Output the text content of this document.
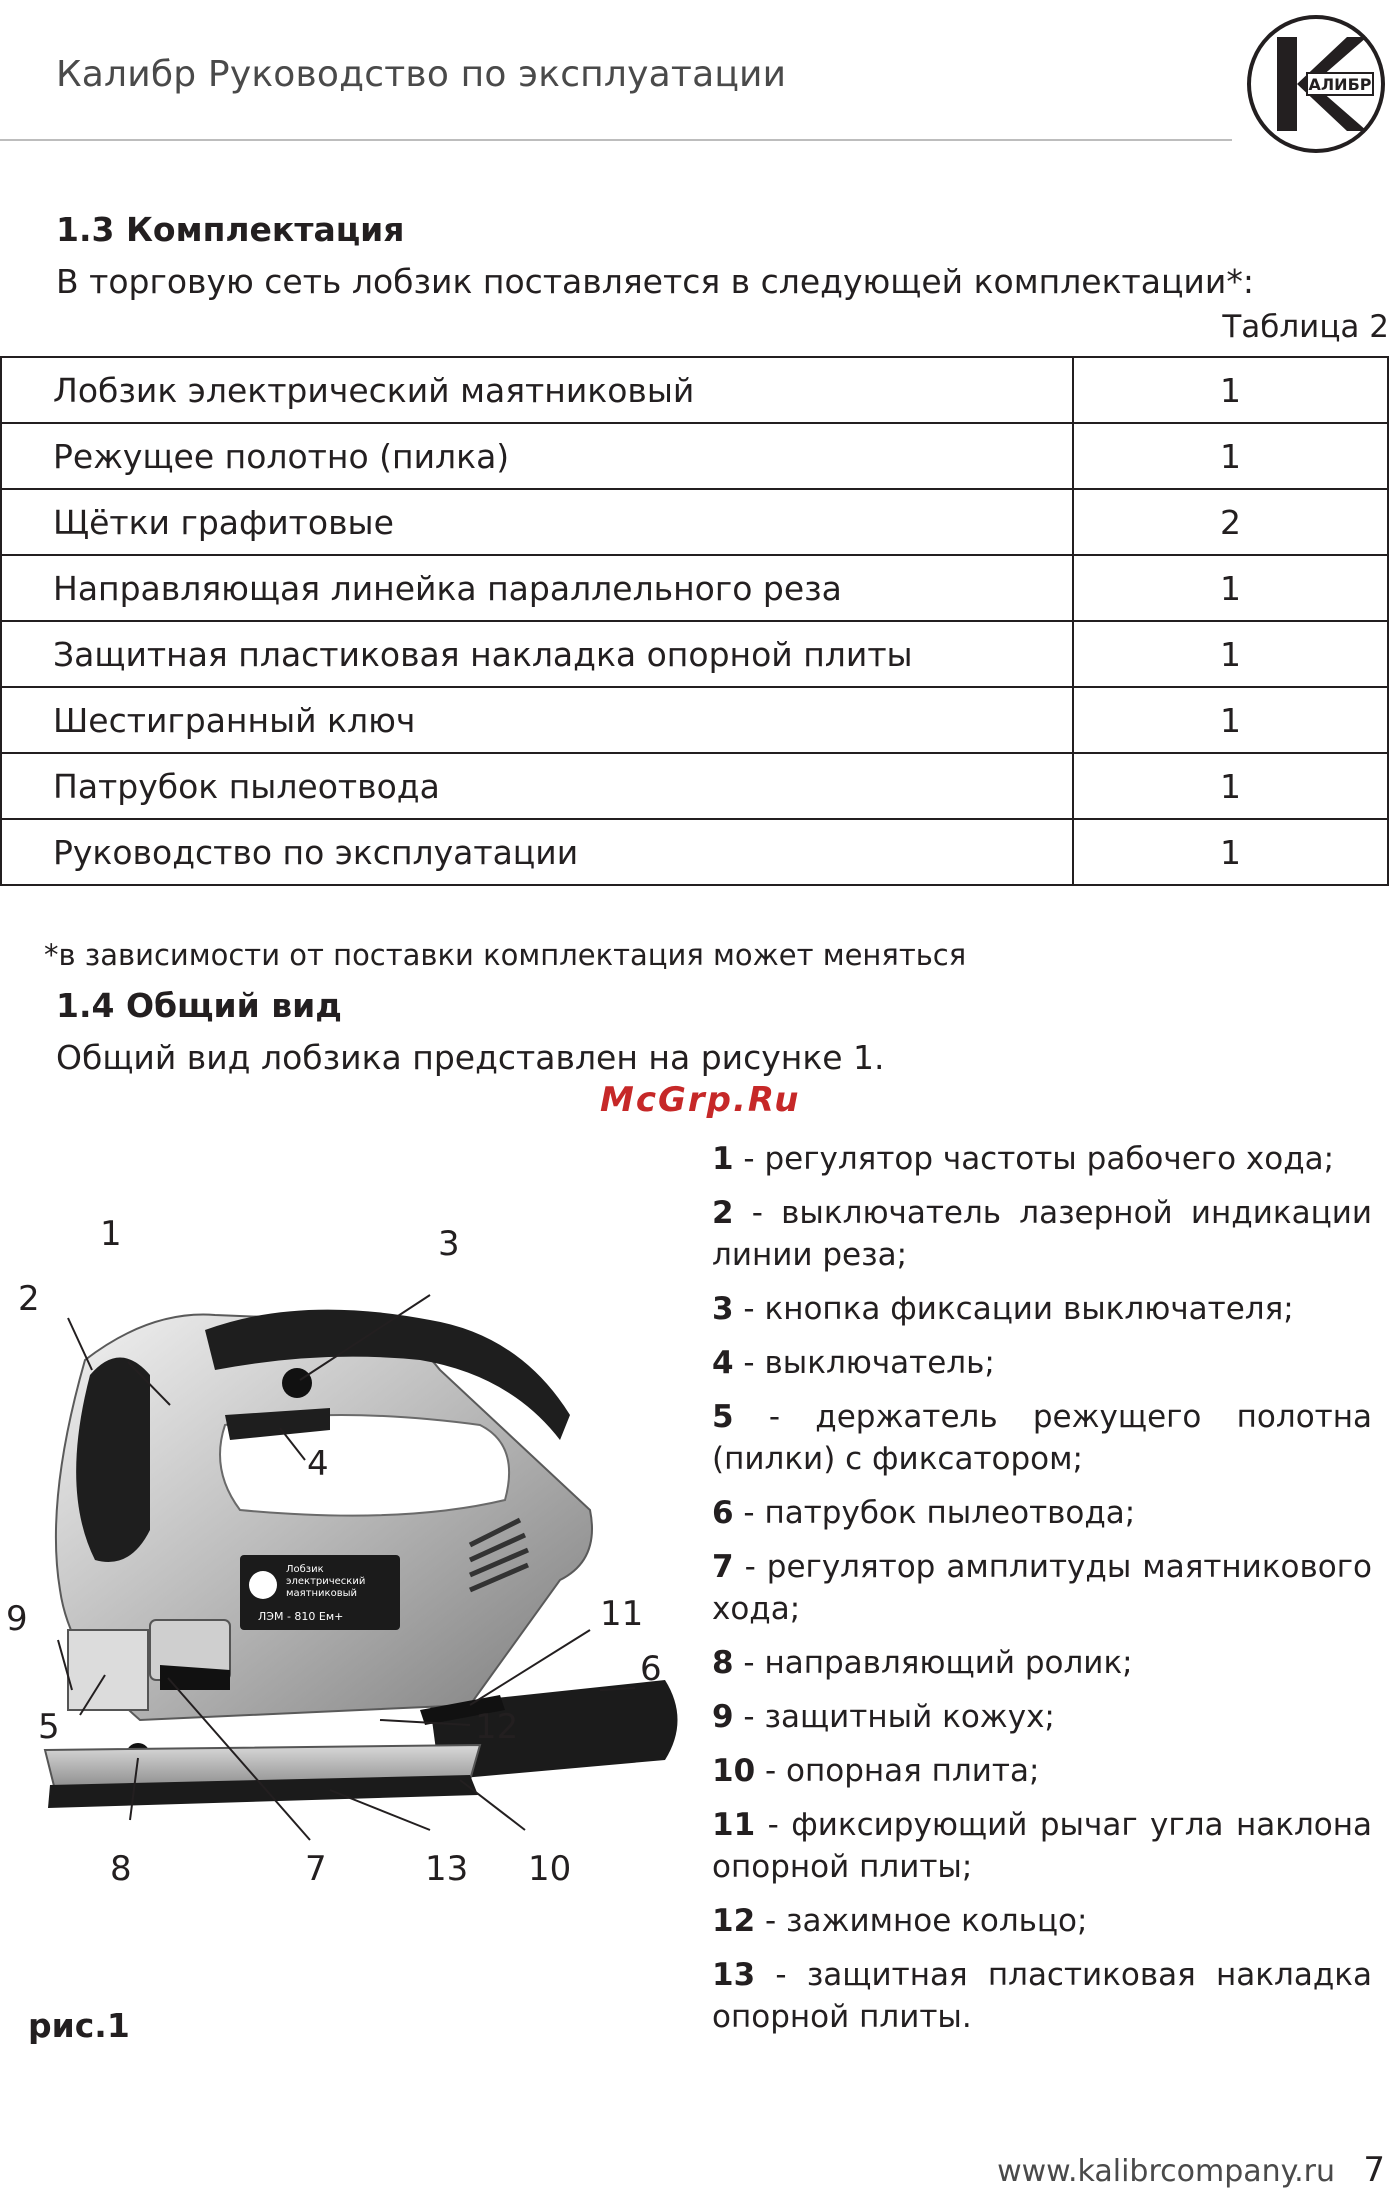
Калибр Руководство по эксплуатации	АЛИБР
1.3 Комплектация
В торговую сеть лобзик поставляется в следующей комплектации*:
Таблица 2
Лобзик электрический маятниковый	1
Режущее полотно (пилка)	1
Щётки графитовые	2
Направляющая линейка параллельного реза	1
Защитная пластиковая накладка опорной плиты	1
Шестигранный ключ	1
Патрубок пылеотвода	1
Руководство по эксплуатации	1
*в зависимости от поставки комплектация может меняться
1.4 Общий вид
Общий вид лобзика представлен на рисунке 1.
McGrp.Ru
Лобзик
электрический
маятниковый
ЛЭМ - 810 Ем+
1
2
3
4
5
6
7
8
9
10
11
12
13
рис.1
1 - регулятор частоты рабочего хода;
2 - выключатель лазерной индикации линии реза;
3 - кнопка фиксации выключателя;
4 - выключатель;
5 - держатель режущего полотна (пилки) с фиксатором;
6 - патрубок пылеотвода;
7 - регулятор амплитуды маятникового хода;
8 - направляющий ролик;
9 - защитный кожух;
10 - опорная плита;
11 - фиксирующий рычаг угла наклона опорной плиты;
12 - зажимное кольцо;
13 - защитная пластиковая накладка опорной плиты.
www.kalibrcompany.ru 7
